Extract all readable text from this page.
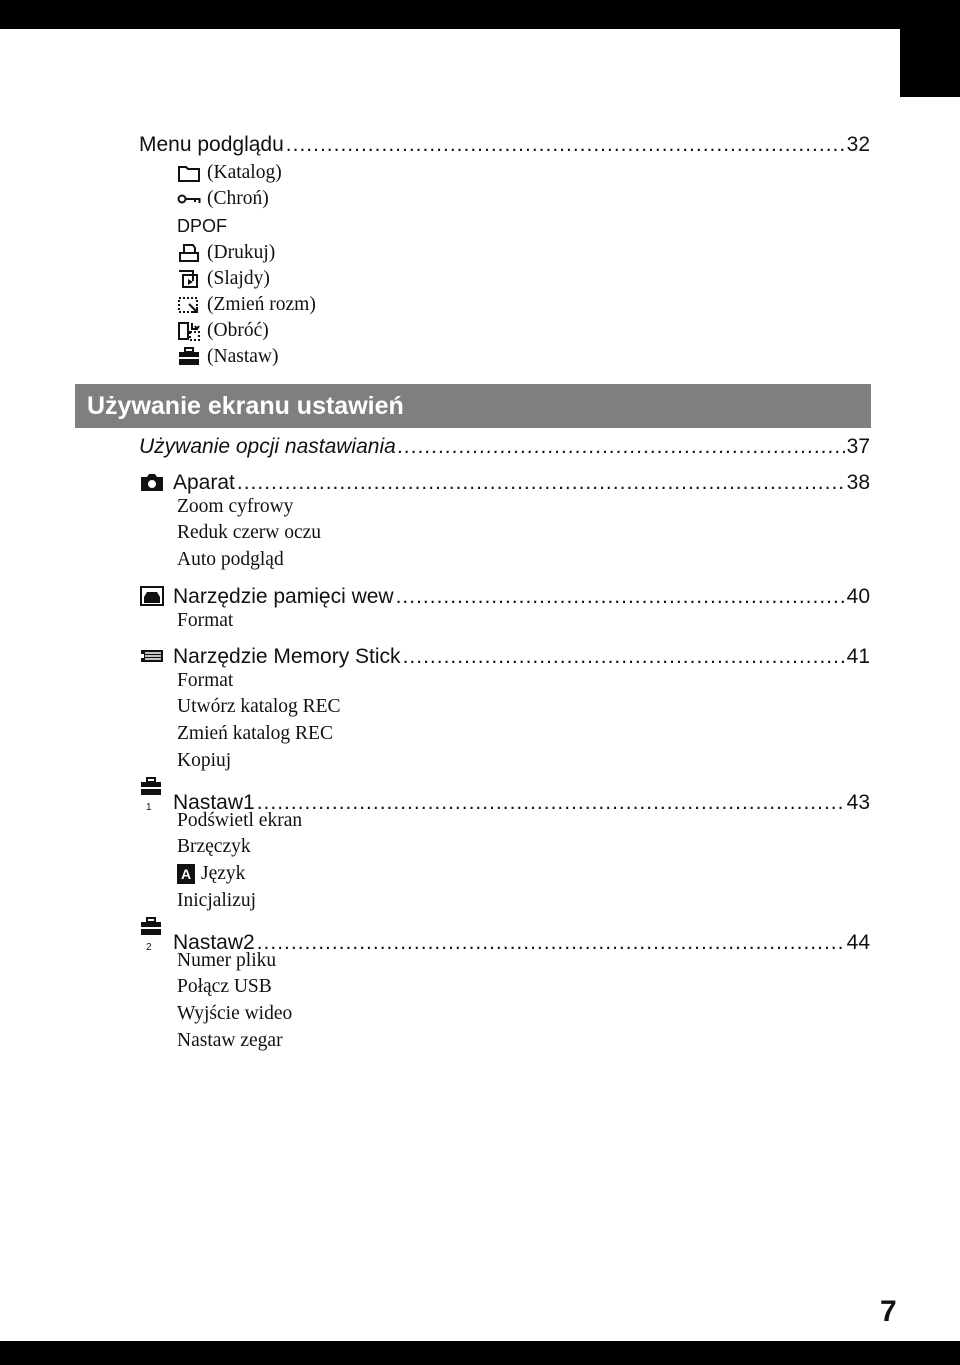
Menu podglądu .....	32
(Katalog)
(Chroń)
DPOF
(Drukuj)
(Slajdy)
(Zmień rozm)
(Obróć)
(Nastaw)
Używanie ekranu ustawień
Używanie opcji nastawiania .....	37
Aparat .....	38
Zoom cyfrowy
Reduk czerw oczu
Auto podgląd
Narzędzie pamięci wew .....	40
Format
Narzędzie Memory Stick .....	41
Format
Utwórz katalog REC
Zmień katalog REC
Kopiuj
1 Nastaw1 .....	43
Podświetl ekran
Brzęczyk
A Język
Inicjalizuj
2 Nastaw2 .....	44
Numer pliku
Połącz USB
Wyjście wideo
Nastaw zegar
7
